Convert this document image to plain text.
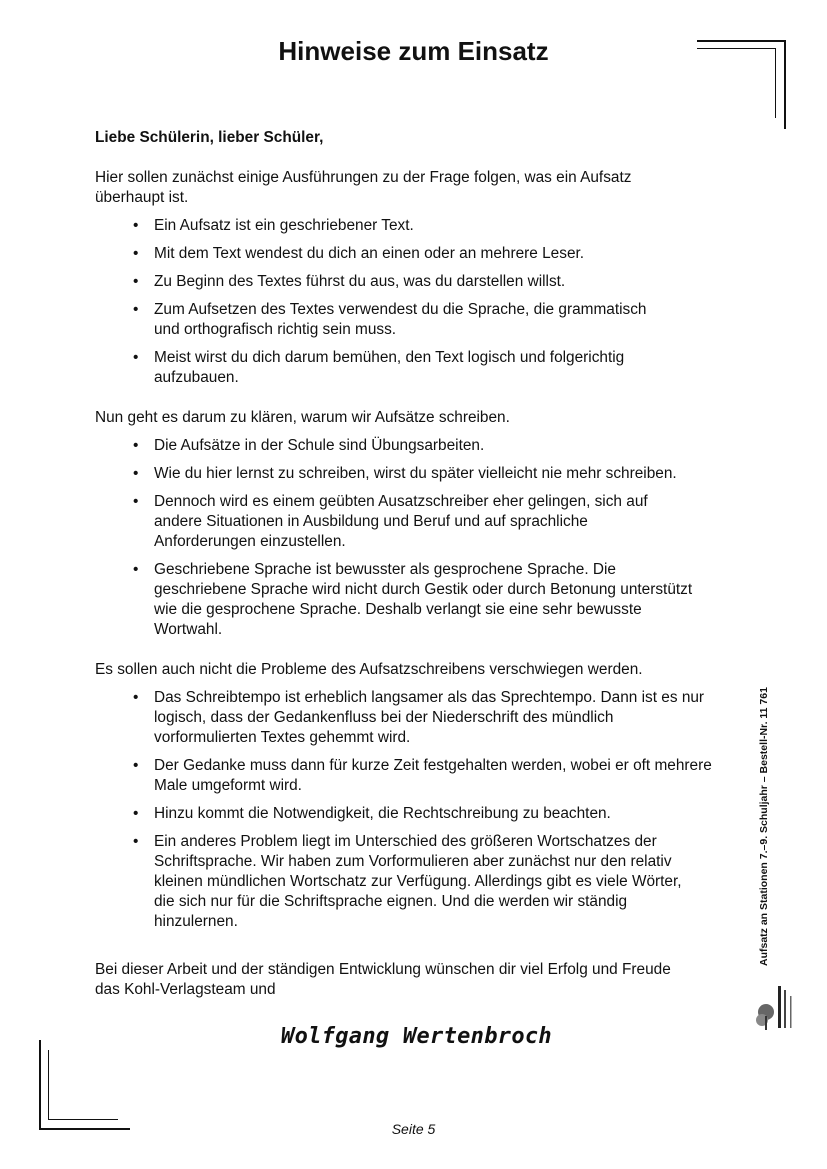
Hinweise zum Einsatz

Liebe Schülerin, lieber Schüler,

Hier sollen zunächst einige Ausführungen zu der Frage folgen, was ein Aufsatz überhaupt ist.

• Ein Aufsatz ist ein geschriebener Text.
• Mit dem Text wendest du dich an einen oder an mehrere Leser.
• Zu Beginn des Textes führst du aus, was du darstellen willst.
• Zum Aufsetzen des Textes verwendest du die Sprache, die grammatisch und orthografisch richtig sein muss.
• Meist wirst du dich darum bemühen, den Text logisch und folgerichtig aufzubauen.

Nun geht es darum zu klären, warum wir Aufsätze schreiben.

• Die Aufsätze in der Schule sind Übungsarbeiten.
• Wie du hier lernst zu schreiben, wirst du später vielleicht nie mehr schreiben.
• Dennoch wird es einem geübten Ausatzschreiber eher gelingen, sich auf andere Situationen in Ausbildung und Beruf und auf sprachliche Anforderungen einzustellen.
• Geschriebene Sprache ist bewusster als gesprochene Sprache. Die geschriebene Sprache wird nicht durch Gestik oder durch Betonung unterstützt wie die gesprochene Sprache. Deshalb verlangt sie eine sehr bewusste Wortwahl.

Es sollen auch nicht die Probleme des Aufsatzschreibens verschwiegen werden.

• Das Schreibtempo ist erheblich langsamer als das Sprechtempo. Dann ist es nur logisch, dass der Gedankenfluss bei der Niederschrift des mündlich vorformulierten Textes gehemmt wird.
• Der Gedanke muss dann für kurze Zeit festgehalten werden, wobei er oft mehrere Male umgeformt wird.
• Hinzu kommt die Notwendigkeit, die Rechtschreibung zu beachten.
• Ein anderes Problem liegt im Unterschied des größeren Wortschatzes der Schriftsprache. Wir haben zum Vorformulieren aber zunächst nur den relativ kleinen mündlichen Wortschatz zur Verfügung. Allerdings gibt es viele Wörter, die sich nur für die Schriftsprache eignen. Und die werden wir ständig hinzulernen.

Bei dieser Arbeit und der ständigen Entwicklung wünschen dir viel Erfolg und Freude

das Kohl-Verlagsteam und

Wolfgang Wertenbroch
Seite 5
Aufsatz an Stationen 7.–9. Schuljahr – Bestell-Nr. 11 761
